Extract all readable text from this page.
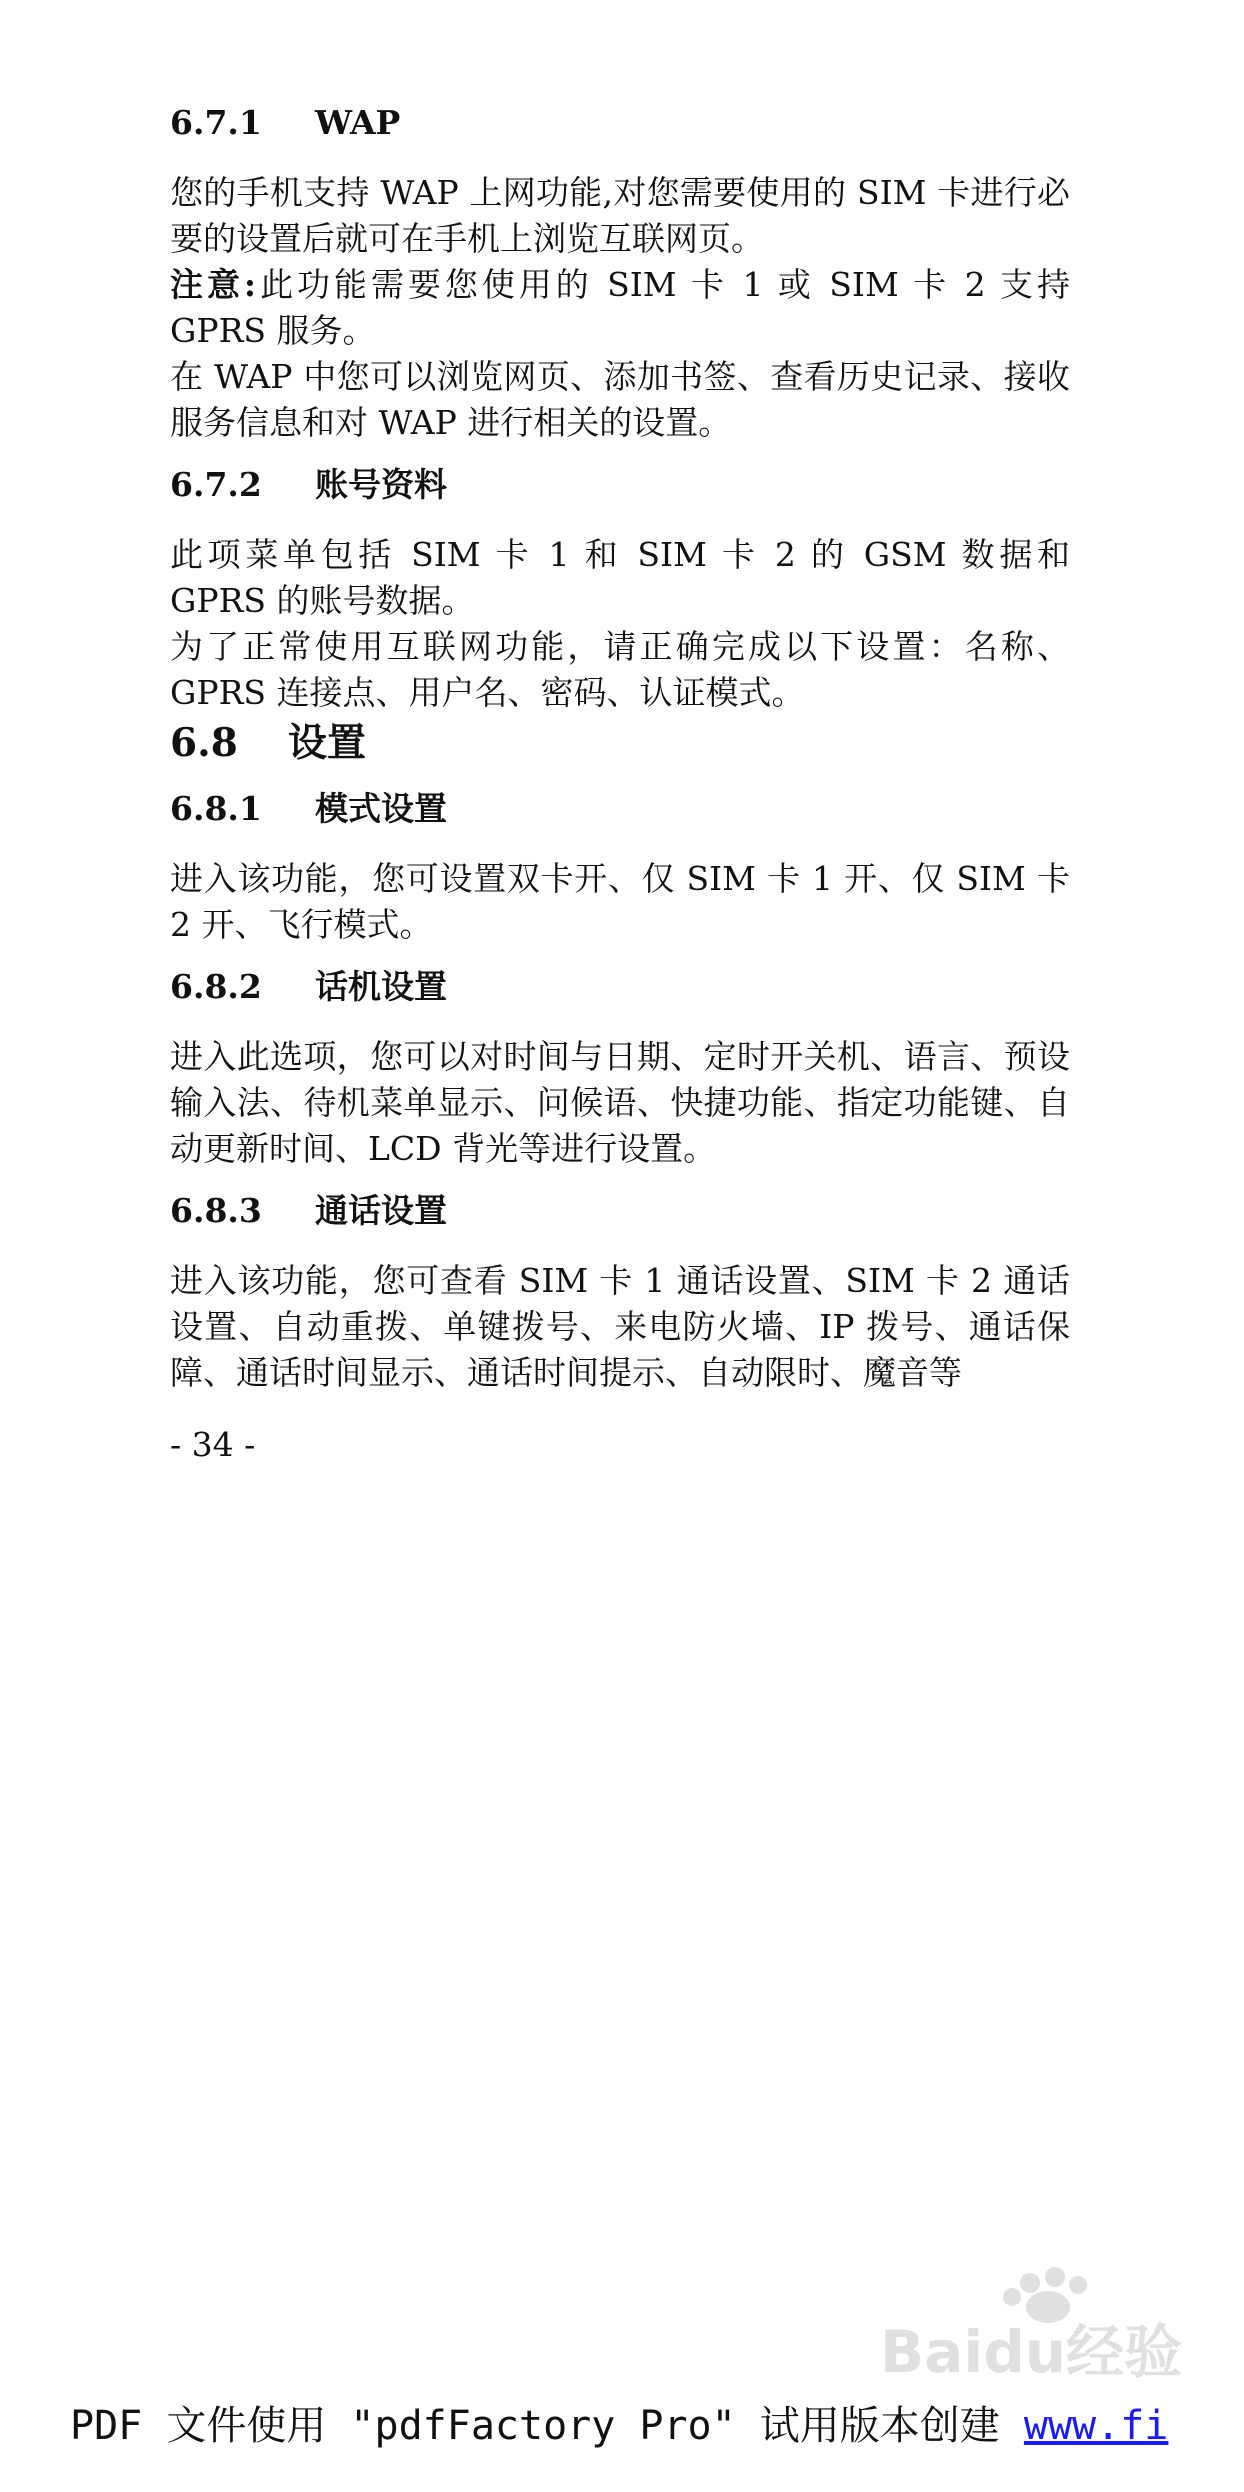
6.7.1	WAP

您的手机支持 WAP 上网功能,对您需要使用的 SIM 卡进行必要的设置后就可在手机上浏览互联网页。

注意:此功能需要您使用的 SIM 卡 1 或 SIM 卡 2 支持 GPRS 服务。

在 WAP 中您可以浏览网页、添加书签、查看历史记录、接收服务信息和对 WAP 进行相关的设置。

6.7.2	账号资料

此项菜单包括 SIM 卡 1 和 SIM 卡 2 的 GSM 数据和 GPRS 的账号数据。

为了正常使用互联网功能，请正确完成以下设置：名称、GPRS 连接点、用户名、密码、认证模式。

6.8	设置
6.8.1	模式设置

进入该功能，您可设置双卡开、仅 SIM 卡 1 开、仅 SIM 卡 2 开、飞行模式。

6.8.2	话机设置

进入此选项，您可以对时间与日期、定时开关机、语言、预设输入法、待机菜单显示、问候语、快捷功能、指定功能键、自动更新时间、LCD 背光等进行设置。

6.8.3	通话设置

进入该功能，您可查看 SIM 卡 1 通话设置、SIM 卡 2 通话设置、自动重拨、单键拨号、来电防火墙、IP 拨号、通话保障、通话时间显示、通话时间提示、自动限时、魔音等

- 34 -
Baidu经验
PDF 文件使用 "pdfFactory Pro" 试用版本创建 www.fi
